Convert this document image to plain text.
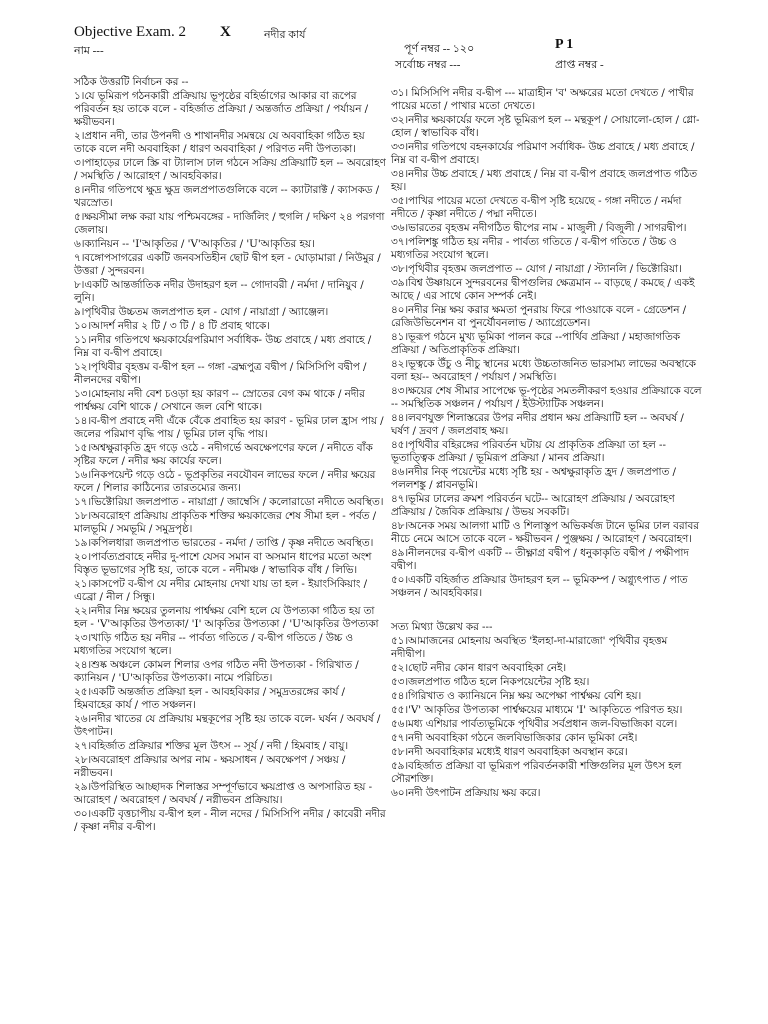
Objective Exam. 2 X	নদীর কার্য
নাম ---	পূর্ণ নম্বর -- ১২০	P 1
সর্বোচ্চ নম্বর ---	প্রাপ্ত নম্বর -
সঠিক উত্তরটি নির্বাচন কর --
১।যে ভূমিরূপ গঠনকারী প্রক্রিয়ায় ভূপৃষ্ঠের বহির্ভাগের আকার বা রূপের পরিবর্তন হয় তাকে বলে - বহির্জাত প্রক্রিয়া / অন্তর্জাত প্রক্রিয়া / পর্যায়ন / ক্ষয়ীভবন।
২।প্রধান নদী, তার উপনদী ও শাখানদীর সমন্বয়ে যে অববাহিকা গঠিত হয় তাকে বলে নদী অববাহিকা / ধারণ অববাহিকা / পরিণত নদী উপত্যকা।
৩।পাহাড়ের ঢালে স্ক্রি বা ট্যালাস ঢাল গঠনে সক্রিয় প্রক্রিয়াটি হল -- অবরোহণ / সমস্থিতি / আরোহণ / আবহবিকার।
৪।নদীর গতিপথে ক্ষুদ্র ক্ষুদ্র জলপ্রপাতগুলিকে বলে -- ক্যাটারাক্ট / ক্যাসকড / খরস্রোত।
৫।ক্ষয়সীমা লক্ষ করা যায় পশ্চিমবঙ্গের - দার্জিলিং / হুগলি / দক্ষিণ ২৪ পরগণা জেলায়।
৬।ক্যানিয়ন -- 'I'আকৃতির / 'V'আকৃতির / 'U'আকৃতির হয়।
৭।বঙ্গোপসাগরের একটি জনবসতিহীন ছোট দ্বীপ হল - ঘোড়ামারা / নিউমুর / উত্তরা / সুন্দরবন।
৮।একটি আন্তর্জাতিক নদীর উদাহরণ হল -- গোদাবরী / নর্মদা / দানিয়ুব / লুনি।
৯।পৃথিবীর উচ্চতম জলপ্রপাত হল - যোগ / নায়াগ্রা / অ্যাঞ্জেল।
১০।আদর্শ নদীর ২ টি / ৩ টি / ৪ টি প্রবাহ থাকে।
১১।নদীর গতিপথে ক্ষয়কার্যেরপরিমাণ সর্বাধিক- উচ্চ প্রবাহে / মধ্য প্রবাহে / নিম্ন বা ব-দ্বীপ প্রবাহে।
১২।পৃথিবীর বৃহত্তম ব-দ্বীপ হল -- গঙ্গা -ব্রহ্মপুত্র বদ্বীপ / মিসিসিপি বদ্বীপ / নীলনদের বদ্বীপ।
১৩।মোহনায় নদী বেশ চওড়া হয় কারণ -- স্রোতের বেগ কম থাকে / নদীর পার্শ্বক্ষয় বেশি থাকে / সেখানে জল বেশি থাকে।
১৪।ব-দ্বীপ প্রবাহে নদী এঁকে বেঁকে প্রবাহিত হয় কারণ - ভূমির ঢাল হ্রাস পায় / জলের পরিমাণ বৃদ্ধি পায় / ভূমির ঢাল বৃদ্ধি পায়।
১৫।অশ্বক্ষুরাকৃতি হ্রদ গড়ে ওঠে - নদীগর্ভে অবক্ষেপণের ফলে / নদীতে বাঁক সৃষ্টির ফলে / নদীর ক্ষয় কার্যের ফলে।
১৬।নিকপয়েন্ট গড়ে ওঠে - ভূপ্রকৃতির নবযৌবন লাভের ফলে / নদীর ক্ষয়ের ফলে / শিলার কাঠিন্যের তারতম্যের জন্য।
১৭।ভিক্টোরিয়া জলপ্রপাত - নায়াগ্রা / জাম্বেসি / কলোরাডো নদীতে অবস্থিত।
১৮।অবরোহণ প্রক্রিয়ায় প্রাকৃতিক শক্তির ক্ষয়কাজের শেষ সীমা হল - পর্বত / মালভূমি / সমভূমি / সমুদ্রপৃষ্ঠ।
১৯।কপিলধারা জলপ্রপাত ভারতের - নর্মদা / তাপ্তি / কৃষ্ণ নদীতে অবস্থিত।
২০।পার্বত্যপ্রবাহে নদীর দু-পাশে যেসব সমান বা অসমান ধাপের মতো অংশ বিস্তৃত ভূভাগের সৃষ্টি হয়, তাকে বলে - নদীমঞ্চ / স্বাভাবিক বাঁধ / লিভি।
২১।কাসপেট ব-দ্বীপ যে নদীর মোহনায় দেখা যায় তা হল - ইয়াংসিকিয়াং / এব্রো / নীল / সিন্ধু।
২২।নদীর নিম্ন ক্ষয়ের তুলনায় পার্শ্বক্ষয় বেশি হলে যে উপত্যকা গঠিত হয় তা হল - 'V'আকৃতির উপত্যকা/ 'I' আকৃতির উপত্যকা / 'U'আকৃতির উপত্যকা
২৩।খাড়ি গঠিত হয় নদীর -- পার্বত্য গতিতে / ব-দ্বীপ গতিতে / উচ্চ ও মধ্যগতির সংযোগ স্থলে।
২৪।শুষ্ক অঞ্চলে কোমল শিলার ওপর গঠিত নদী উপত্যকা - গিরিখাত / ক্যানিয়ন / 'U'আকৃতির উপত্যকা। নামে পরিচিত।
২৫।একটি অন্তর্জাত প্রক্রিয়া হল - আবহবিকার / সমুদ্রতরঙ্গের কার্য / হিমবাহের কার্য / পাত সঞ্চলন।
২৬।নদীর খাতের যে প্রক্রিয়ায় মন্থকূপের সৃষ্টি হয় তাকে বলে- ঘর্ষন / অবঘর্ষ / উৎপাটন।
২৭।বহির্জাত প্রক্রিয়ার শক্তির মূল উৎস -- সূর্য / নদী / হিমবাহ / বায়ু।
২৮।অবরোহণ প্রক্রিয়ার অপর নাম - ক্ষয়সাধন / অবক্ষেপণ / সঞ্চয় / নগ্নীভবন।
২৯।উপরিস্থিত আচ্ছাদক শিলাস্তর সম্পূর্ণভাবে ক্ষয়প্রাপ্ত ও অপসারিত হয় - আরোহণ / অবরোহণ / অবঘর্ষ / নগ্নীভবন প্রক্রিয়ায়।
৩০।একটি বৃত্তচাপীয় ব-দ্বীপ হল - নীল নদের / মিসিসিপি নদীর / কাবেরী নদীর / কৃষ্ণা নদীর ব-দ্বীপ।
৩১। মিসিসিপি নদীর ব-দ্বীপ --- মাত্রাহীন 'ব' অক্ষরের মতো দেখতে / পাখীর পায়ের মতো / পাখার মতো দেখতে।
৩২।নদীর ক্ষয়কার্যের ফলে সৃষ্ট ভূমিরূপ হল -- মন্থকূপ / সোয়ালো-হোল / গ্লো-হোল / স্বাভাবিক বাঁধ।
৩৩।নদীর গতিপথে বহনকার্যের পরিমাণ সর্বাধিক- উচ্চ প্রবাহে / মধ্য প্রবাহে / নিম্ন বা ব-দ্বীপ প্রবাহে।
৩৪।নদীর উচ্চ প্রবাহে / মধ্য প্রবাহে / নিম্ন বা ব-দ্বীপ প্রবাহে জলপ্রপাত গঠিত হয়।
৩৫।পাখির পায়ের মতো দেখতে ব-দ্বীপ সৃষ্টি হয়েছে - গঙ্গা নদীতে / নর্মদা নদীতে / কৃষ্ণা নদীতে / পদ্মা নদীতে।
৩৬।ভারতের বৃহত্তম নদীগঠিত দ্বীপের নাম - মাজুলী / বিজুলী / সাগরদ্বীপ।
৩৭।পলিশঙ্কু গঠিত হয় নদীর - পার্বত্য গতিতে / ব-দ্বীপ গতিতে / উচ্চ ও মধ্যগতির সংযোগ স্থলে।
৩৮।পৃথিবীর বৃহত্তম জলপ্রপাত -- যোগ / নায়াগ্রা / স্ট্যানলি / ভিক্টোরিয়া।
৩৯।বিশ্ব উষ্ণায়নে সুন্দরবনের দ্বীপগুলির ক্ষেত্রমান -- বাড়ছে / কমছে / একই আছে / এর সাথে কোন সম্পর্ক নেই।
৪০।নদীর নিম্ন ক্ষয় করার ক্ষমতা পুনরায় ফিরে পাওয়াকে বলে - গ্রেডেশন / রেজিউভিনেশন বা পুনর্যৌবনলাভ / অ্যাগ্রেডেশন।
৪১।ভূরূপ গঠনে মুখ্য ভূমিকা পালন করে --পার্থিব প্রক্রিয়া / মহাজাগতিক প্রক্রিয়া / অতিপ্রাকৃতিক প্রক্রিয়া।
৪২।ভূত্বকে উঁচু ও নীচু স্থানের মধ্যে উচ্চতাজনিত ভারসাম্য লাভের অবস্থাকে বলা হয়-- অবরোহণ / পর্যায়ণ / সমস্থিতি।
৪৩।ক্ষয়ের শেষ সীমার সাপেক্ষে ভূ-পৃষ্ঠের সমতলীকরণ হওয়ার প্রক্রিয়াকে বলে -- সমস্থিতিক সঞ্চলন / পর্যায়ণ / ইউস্ট্যাটিক সঞ্চলন।
৪৪।লবণযুক্ত শিলাস্তরের উপর নদীর প্রধান ক্ষয় প্রক্রিয়াটি হল -- অবঘর্ষ / ঘর্ষণ / দ্রবণ / জলপ্রবাহ ক্ষয়।
৪৫।পৃথিবীর বহিরঙ্গের পরিবর্তন ঘটায় যে প্রাকৃতিক প্রক্রিয়া তা হল -- ভূতাত্ত্বিক প্রক্রিয়া / ভূমিরূপ প্রক্রিয়া / মানব প্রক্রিয়া।
৪৬।নদীর নিক্ পয়েন্টের মধ্যে সৃষ্টি হয় - অশ্বক্ষুরাকৃতি হ্রদ / জলপ্রপাত / পললশঙ্কু / প্লাবনভূমি।
৪৭।ভূমির ঢালের ক্রমশ পরিবর্তন ঘটে-- আরোহণ প্রক্রিয়ায় / অবরোহণ প্রক্রিয়ায় / জৈবিক প্রক্রিয়ায় / উভয় সবকটি।
৪৮।অনেক সময় আলগা মাটি ও শিলাস্তূপ অভিকর্ষজ টানে ভূমির ঢাল বরাবর নীচে নেমে আসে তাকে বলে - ক্ষয়ীভবন / পুঞ্জক্ষয় / আরোহণ / অবরোহণ।
৪৯।নীলনদের ব-দ্বীপ একটি -- তীক্ষ্ণাগ্র বদ্বীপ / ধনুকাকৃতি বদ্বীপ / পক্ষীপাদ বদ্বীপ।
৫০।একটি বহির্জাত প্রক্রিয়ার উদাহরণ হল -- ভূমিকম্প / অগ্ন্যুৎপাত / পাত সঞ্চলন / আবহবিকার।
সত্য মিথ্যা উল্লেখ কর ---
৫১।আমাজনের মোহনায় অবস্থিত 'ইলহা-দা-মারাজো' পৃথিবীর বৃহত্তম নদীদ্বীপ।
৫২।ছোট নদীর কোন ধারণ অববাহিকা নেই।
৫৩।জলপ্রপাত গঠিত হলে নিকপয়েন্টের সৃষ্টি হয়।
৫৪।গিরিখাত ও ক্যানিয়নে নিম্ন ক্ষয় অপেক্ষা পার্শ্বক্ষয় বেশি হয়।
৫৫।'V' আকৃতির উপত্যকা পার্শ্বক্ষয়ের মাধ্যমে 'I' আকৃতিতে পরিণত হয়।
৫৬।মধ্য এশিয়ার পার্বত্যভূমিকে পৃথিবীর সর্বপ্রধান জল-বিভাজিকা বলে।
৫৭।নদী অববাহিকা গঠনে জলবিভাজিকার কোন ভূমিকা নেই।
৫৮।নদী অববাহিকার মধ্যেই ধারণ অববাহিকা অবস্থান করে।
৫৯।বহির্জাত প্রক্রিয়া বা ভূমিরূপ পরিবর্তনকারী শক্তিগুলির মূল উৎস হল সৌরশক্তি।
৬০।নদী উৎপাটন প্রক্রিয়ায় ক্ষয় করে।
